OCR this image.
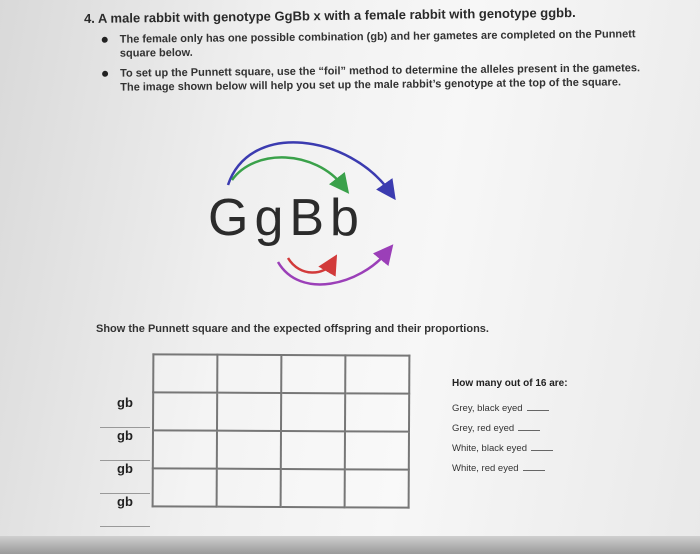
4. A male rabbit with genotype GgBb x with a female rabbit with genotype ggbb.
The female only has one possible combination (gb) and her gametes are completed on the Punnett square below.
To set up the Punnett square, use the “foil” method to determine the alleles present in the gametes. The image shown below will help you set up the male rabbit’s genotype at the top of the square.
GgBb
Show the Punnett square and the expected offspring and their proportions.

gb
gb
gb
gb
How many out of 16 are:
Grey, black eyed
Grey, red eyed
White, black eyed
White, red eyed
